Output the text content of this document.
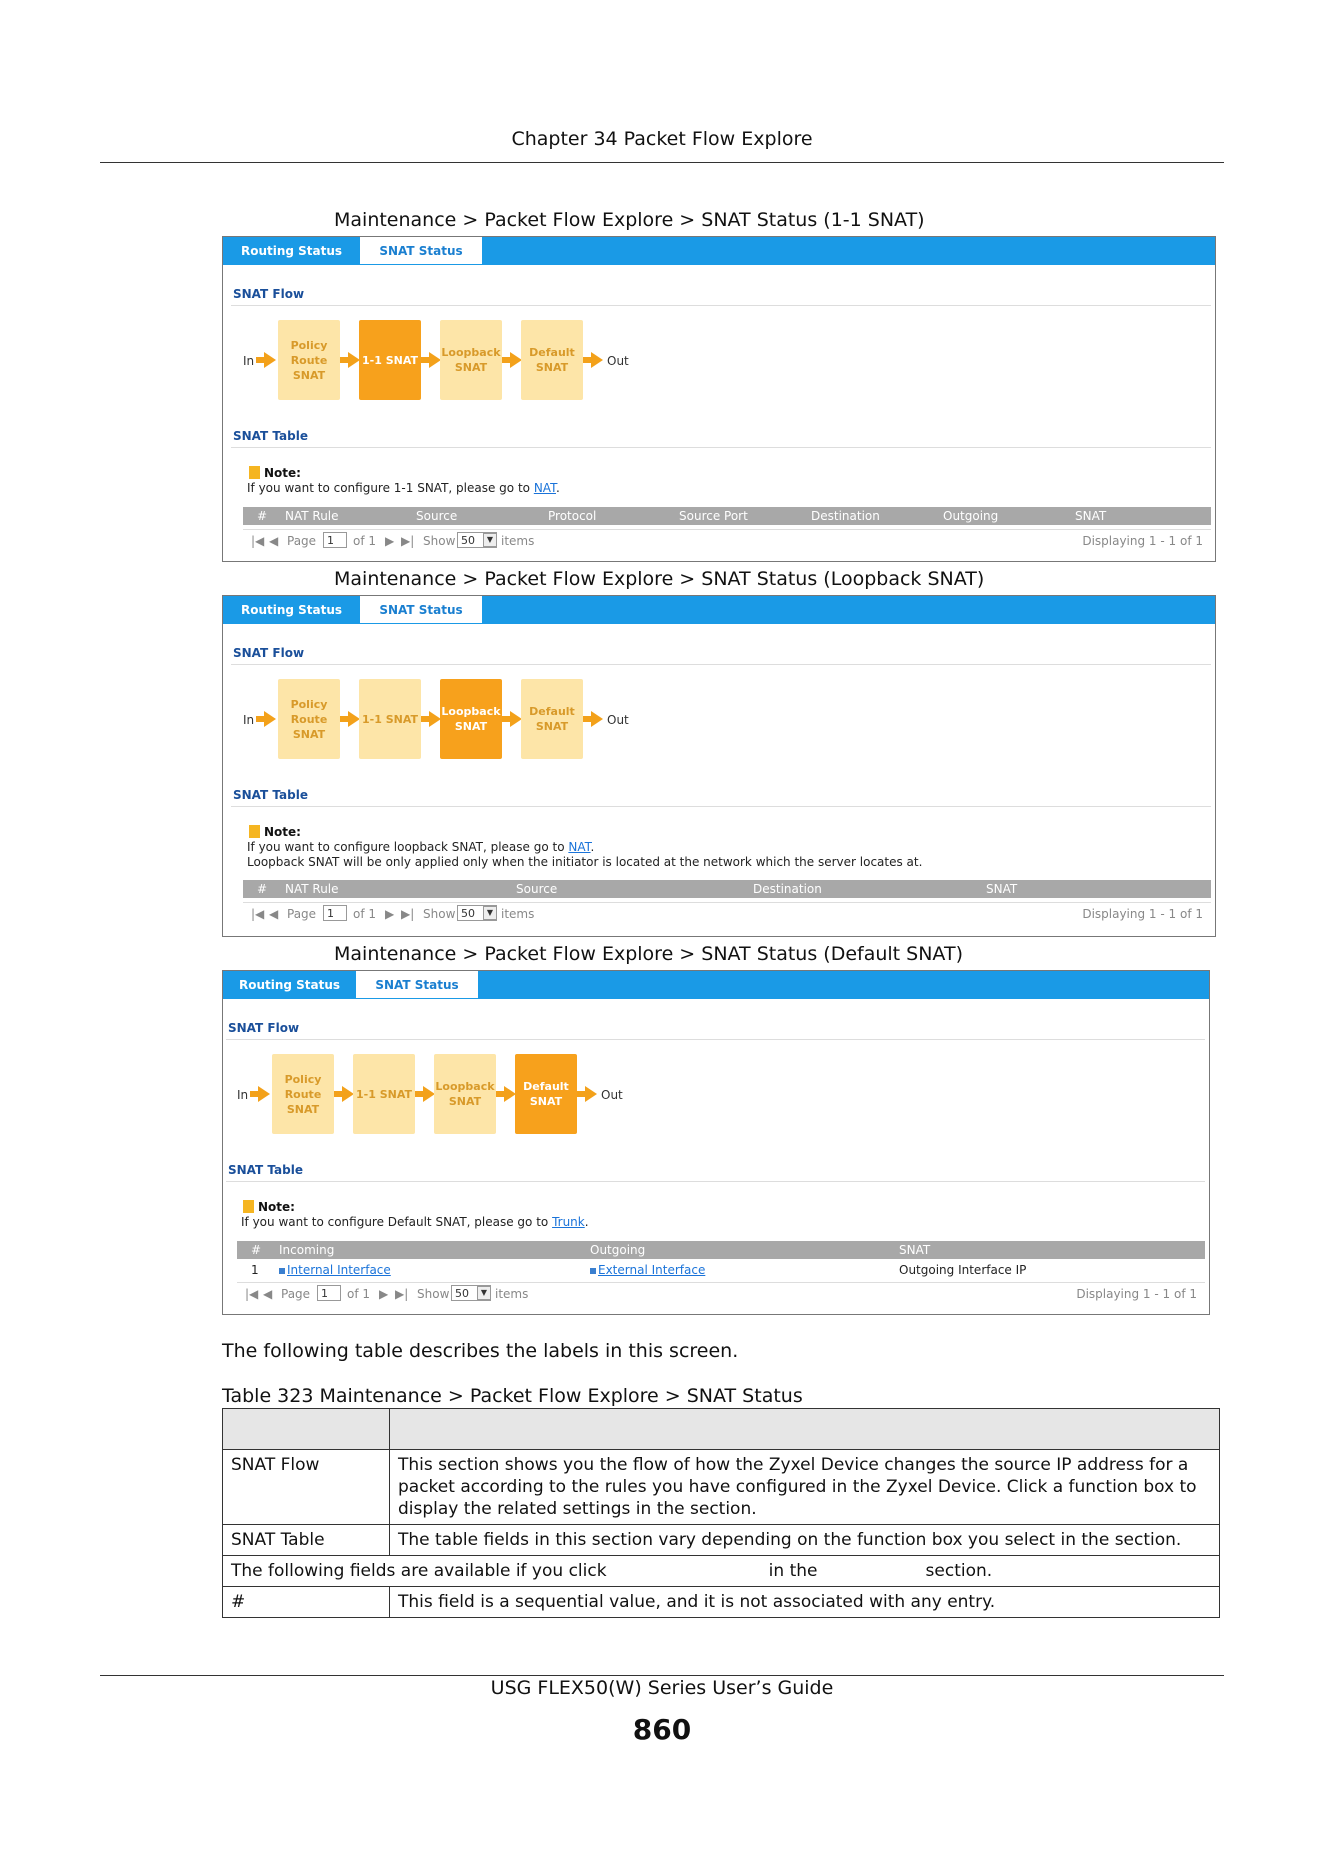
Chapter 34 Packet Flow Explore
Maintenance > Packet Flow Explore > SNAT Status (1-1 SNAT)
Routing Status	SNAT Status
SNAT Flow
In
Policy Route SNAT
1-1 SNAT
Loopback SNAT
Default SNAT	Out
SNAT Table
Note:
If you want to configure 1-1 SNAT, please go to NAT.
# NAT Rule	Source	Protocol	Source Port	Destination	Outgoing	SNAT
|◀ ◀ Page 1	of 1 ▶ ▶| Show 50	▼ items	Displaying 1 - 1 of 1
Maintenance > Packet Flow Explore > SNAT Status (Loopback SNAT)
Routing Status	SNAT Status
SNAT Flow
In
Policy Route SNAT
1-1 SNAT
Loopback SNAT
Default SNAT	Out
SNAT Table
Note:
If you want to configure loopback SNAT, please go to NAT.
Loopback SNAT will be only applied only when the initiator is located at the network which the server locates at.
# NAT Rule	Source	Destination	SNAT
|◀ ◀ Page 1	of 1 ▶ ▶| Show 50	▼ items	Displaying 1 - 1 of 1
Maintenance > Packet Flow Explore > SNAT Status (Default SNAT)
Routing Status	SNAT Status
SNAT Flow
In
Policy Route SNAT
1-1 SNAT
Loopback SNAT
Default SNAT	Out
SNAT Table
Note:
If you want to configure Default SNAT, please go to Trunk.
# Incoming	Outgoing	SNAT
1	Internal Interface	External Interface	Outgoing Interface IP
|◀ ◀ Page 1	of 1 ▶ ▶| Show 50	▼ items	Displaying 1 - 1 of 1
The following table describes the labels in this screen.
Table 323 Maintenance > Packet Flow Explore > SNAT Status

SNAT Flow	This section shows you the flow of how the Zyxel Device changes the source IP address for a packet according to the rules you have configured in the Zyxel Device. Click a function box to display the related settings in the section.
SNAT Table	The table fields in this section vary depending on the function box you select in the section.
The following fields are available if you click                              in the                    section.	
#	This field is a sequential value, and it is not associated with any entry.
USG FLEX50(W) Series User’s Guide
860
